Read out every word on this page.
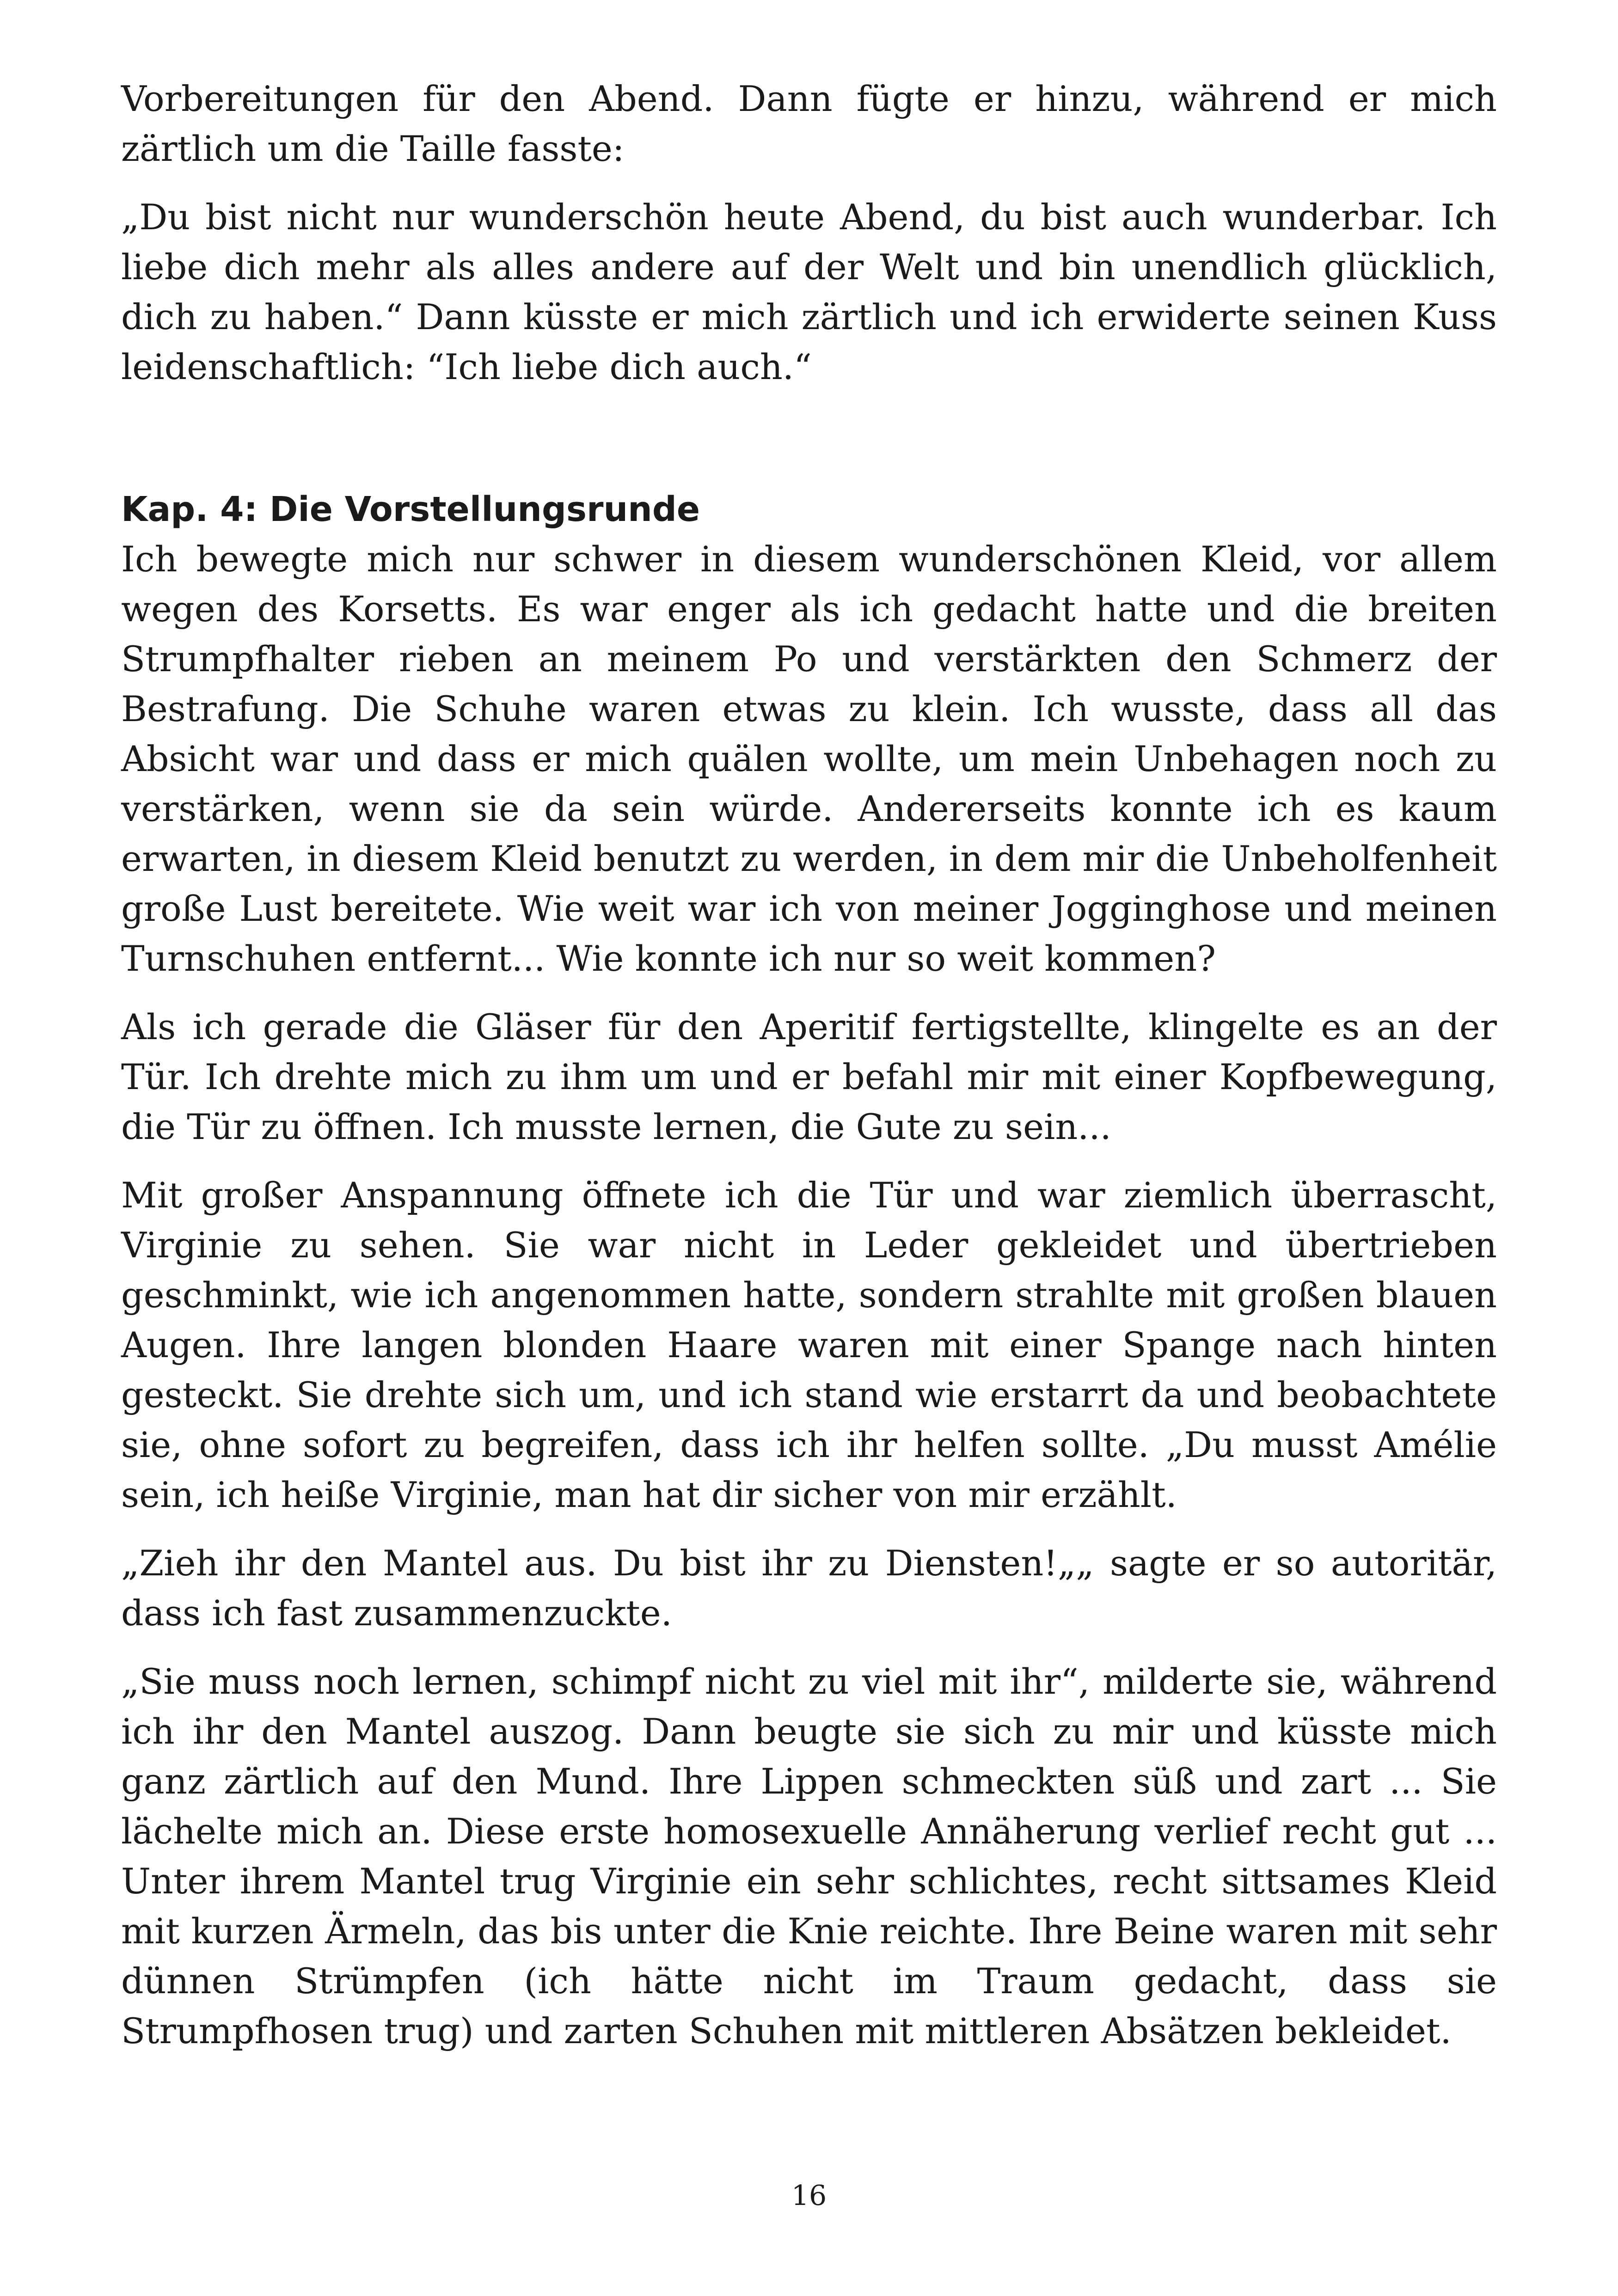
Vorbereitungen für den Abend. Dann fügte er hinzu, während er mich zärtlich um die Taille fasste:

„Du bist nicht nur wunderschön heute Abend, du bist auch wunderbar. Ich liebe dich mehr als alles andere auf der Welt und bin unendlich glücklich, dich zu haben.“ Dann küsste er mich zärtlich und ich erwiderte seinen Kuss leidenschaftlich: “Ich liebe dich auch.“

Kap. 4: Die Vorstellungsrunde

Ich bewegte mich nur schwer in diesem wunderschönen Kleid, vor allem wegen des Korsetts. Es war enger als ich gedacht hatte und die breiten Strumpfhalter rieben an meinem Po und verstärkten den Schmerz der Bestrafung. Die Schuhe waren etwas zu klein. Ich wusste, dass all das Absicht war und dass er mich quälen wollte, um mein Unbehagen noch zu verstärken, wenn sie da sein würde. Andererseits konnte ich es kaum erwarten, in diesem Kleid benutzt zu werden, in dem mir die Unbeholfenheit große Lust bereitete. Wie weit war ich von meiner Jogginghose und meinen Turnschuhen entfernt... Wie konnte ich nur so weit kommen?

Als ich gerade die Gläser für den Aperitif fertigstellte, klingelte es an der Tür. Ich drehte mich zu ihm um und er befahl mir mit einer Kopfbewegung, die Tür zu öffnen. Ich musste lernen, die Gute zu sein...

Mit großer Anspannung öffnete ich die Tür und war ziemlich überrascht, Virginie zu sehen. Sie war nicht in Leder gekleidet und übertrieben geschminkt, wie ich angenommen hatte, sondern strahlte mit großen blauen Augen. Ihre langen blonden Haare waren mit einer Spange nach hinten gesteckt. Sie drehte sich um, und ich stand wie erstarrt da und beobachtete sie, ohne sofort zu begreifen, dass ich ihr helfen sollte. „Du musst Amélie sein, ich heiße Virginie, man hat dir sicher von mir erzählt.

„Zieh ihr den Mantel aus. Du bist ihr zu Diensten!„„ sagte er so autoritär, dass ich fast zusammenzuckte.

„Sie muss noch lernen, schimpf nicht zu viel mit ihr“, milderte sie, während ich ihr den Mantel auszog. Dann beugte sie sich zu mir und küsste mich ganz zärtlich auf den Mund. Ihre Lippen schmeckten süß und zart ... Sie lächelte mich an. Diese erste homosexuelle Annäherung verlief recht gut ... Unter ihrem Mantel trug Virginie ein sehr schlichtes, recht sittsames Kleid mit kurzen Ärmeln, das bis unter die Knie reichte. Ihre Beine waren mit sehr dünnen Strümpfen (ich hätte nicht im Traum gedacht, dass sie Strumpfhosen trug) und zarten Schuhen mit mittleren Absätzen bekleidet.

16
